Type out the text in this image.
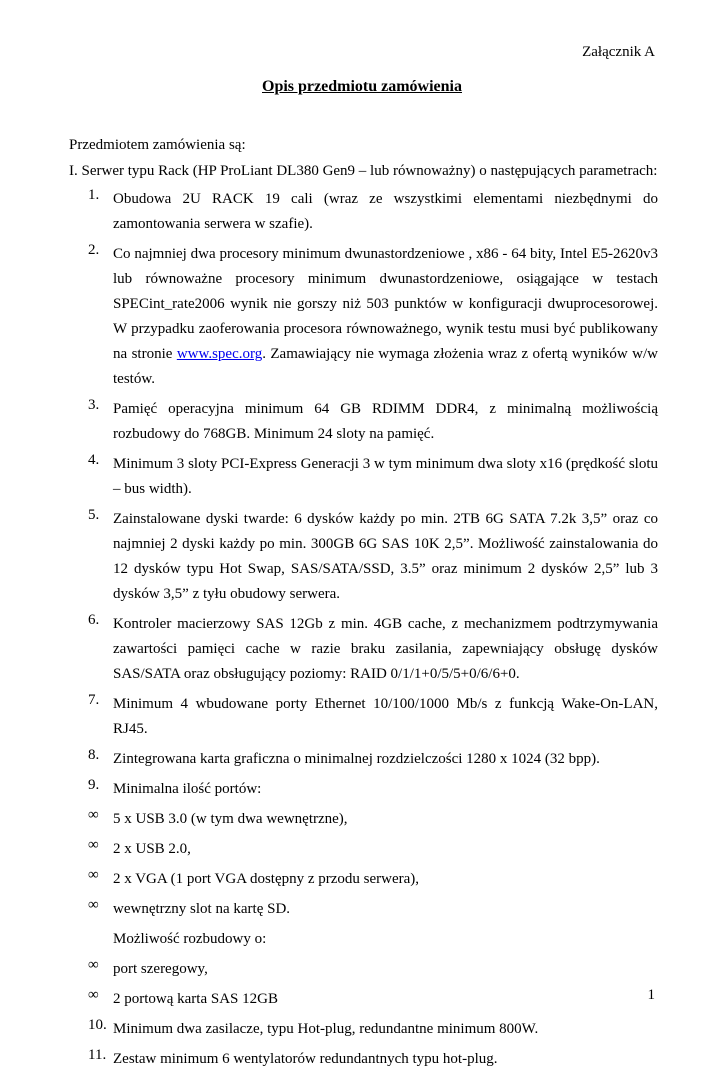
Załącznik A
Opis przedmiotu zamówienia
Przedmiotem zamówienia są:
I. Serwer typu Rack (HP ProLiant DL380 Gen9 – lub równoważny) o następujących parametrach:
1. Obudowa 2U RACK 19 cali (wraz ze wszystkimi elementami niezbędnymi do zamontowania serwera w szafie).
2. Co najmniej dwa procesory minimum dwunastordzeniowe , x86 - 64 bity, Intel E5-2620v3 lub równoważne procesory minimum dwunastordzeniowe, osiągające w testach SPECint_rate2006 wynik nie gorszy niż 503 punktów w konfiguracji dwuprocesorowej. W przypadku zaoferowania procesora równoważnego, wynik testu musi być publikowany na stronie www.spec.org. Zamawiający nie wymaga złożenia wraz z ofertą wyników w/w testów.
3. Pamięć operacyjna minimum 64 GB RDIMM DDR4, z minimalną możliwością rozbudowy do 768GB. Minimum 24 sloty na pamięć.
4. Minimum 3 sloty PCI-Express Generacji 3 w tym minimum dwa sloty x16 (prędkość slotu – bus width).
5. Zainstalowane dyski twarde: 6 dysków każdy po min. 2TB 6G SATA 7.2k 3,5” oraz co najmniej 2 dyski każdy po min. 300GB 6G SAS 10K 2,5”. Możliwość zainstalowania do 12 dysków typu Hot Swap, SAS/SATA/SSD, 3.5” oraz minimum 2 dysków 2,5” lub 3 dysków 3,5” z tyłu obudowy serwera.
6. Kontroler macierzowy SAS 12Gb z min. 4GB cache, z mechanizmem podtrzymywania zawartości pamięci cache w razie braku zasilania, zapewniający obsługę dysków SAS/SATA oraz obsługujący poziomy: RAID 0/1/1+0/5/5+0/6/6+0.
7. Minimum 4 wbudowane porty Ethernet 10/100/1000 Mb/s z funkcją Wake-On-LAN, RJ45.
8. Zintegrowana karta graficzna o minimalnej rozdzielczości 1280 x 1024 (32 bpp).
9. Minimalna ilość portów:
∞ 5 x USB 3.0 (w tym dwa wewnętrzne),
∞ 2 x USB 2.0,
∞ 2 x VGA (1 port VGA dostępny z przodu serwera),
∞ wewnętrzny slot na kartę SD.
Możliwość rozbudowy o:
∞ port szeregowy,
∞ 2 portową karta SAS 12GB
10. Minimum dwa zasilacze, typu Hot-plug, redundantne minimum 800W.
11. Zestaw minimum 6 wentylatorów redundantnych typu hot-plug.
1
